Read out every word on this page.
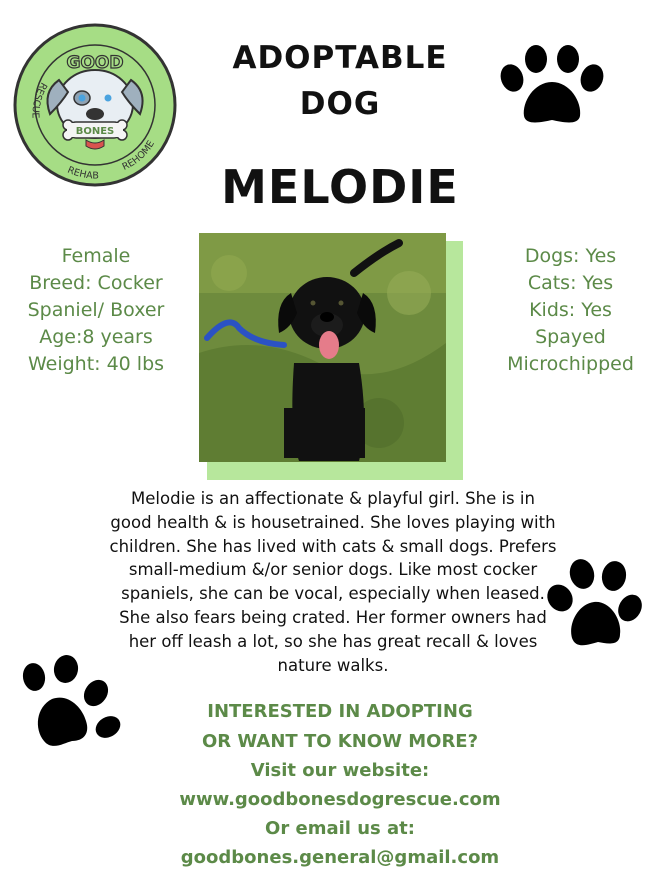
BONES
GOOD
RESCUE
REHAB
REHOME
ADOPTABLE
DOG
MELODIE
Female
Breed: Cocker
Spaniel/ Boxer
Age:8 years
Weight: 40 lbs
Dogs: Yes
Cats: Yes
Kids: Yes
Spayed
Microchipped
Melodie is an affectionate & playful girl. She is in good health & is housetrained. She loves playing with children. She has lived with cats & small dogs. Prefers small-medium &/or senior dogs. Like most cocker spaniels, she can be vocal, especially when leased. She also fears being crated. Her former owners had her off leash a lot, so she has great recall & loves nature walks.
INTERESTED IN ADOPTING
OR WANT TO KNOW MORE?
Visit our website:
www.goodbonesdogrescue.com
Or email us at:
goodbones.general@gmail.com
